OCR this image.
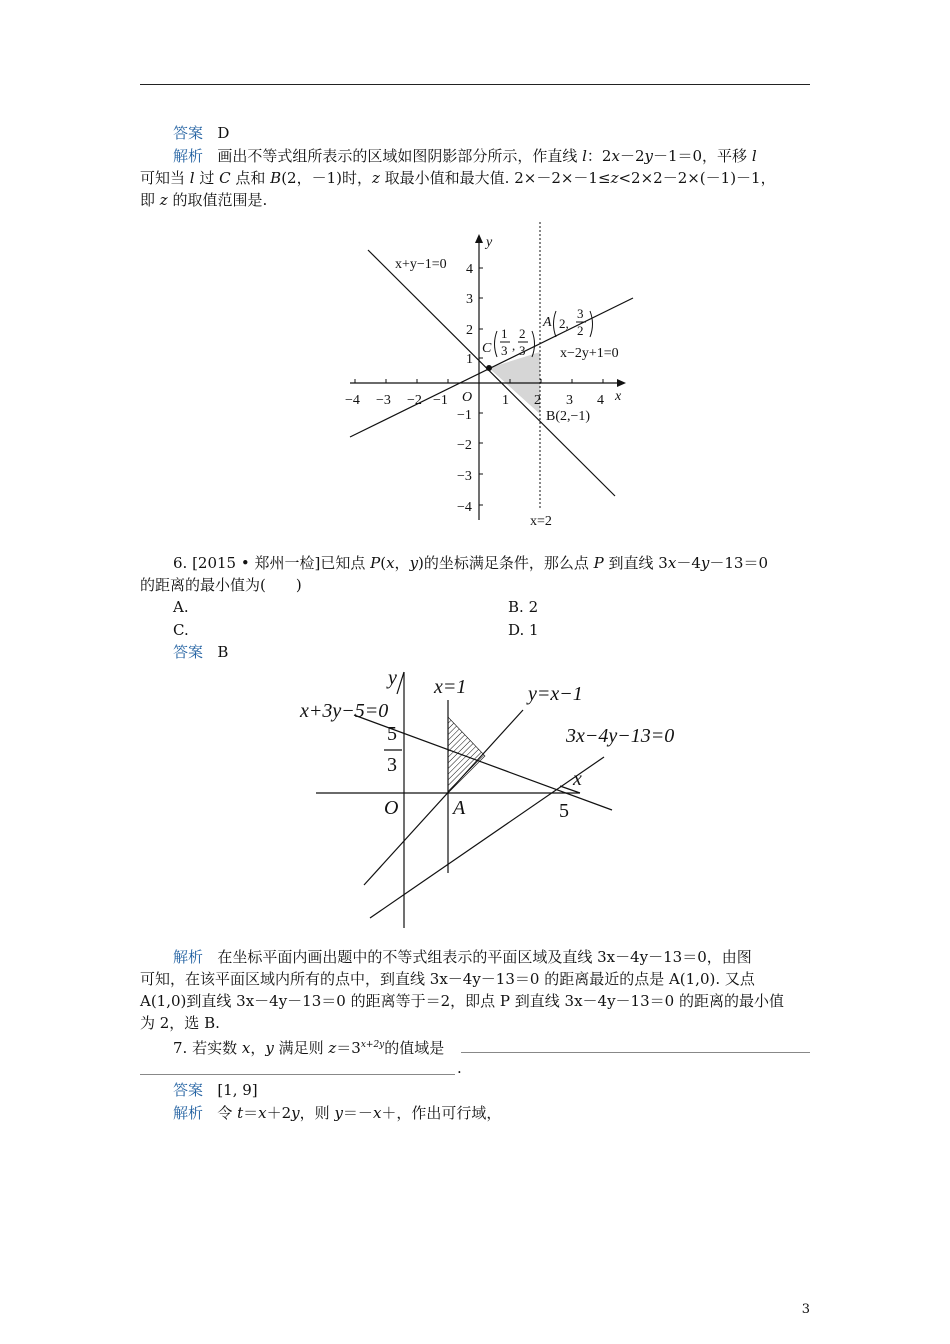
答案 D
解析 画出不等式组所表示的区域如图阴影部分所示，作直线 l：2x－2y－1＝0，平移 l
可知当 l 过 C 点和 B(2，－1)时，z 取最小值和最大值. 2×－2×－1≤z<2×2－2×(－1)－1，
即 z 的取值范围是.
−4 −3 −2 −1	1 2 3 4
4
3
2
1
−1
−2
−3
−4
x
y
O
x+y−1=0
x−2y+1=0
x=2
B(2,−1)
A
C
2,
3
2
1
3 ,
2
3
6. [2015 • 郑州一检]已知点 P(x，y)的坐标满足条件，那么点 P 到直线 3x－4y－13＝0
的距离的最小值为(　　)
A.	B. 2
C.	D. 1
答案 B
x=1	y=x−1
x+3y−5=0
3x−4y−13=0
5
3
x
y
O	A	5
解析 在坐标平面内画出题中的不等式组表示的平面区域及直线 3x－4y－13＝0，由图
可知，在该平面区域内所有的点中，到直线 3x－4y－13＝0 的距离最近的点是 A(1,0). 又点
A(1,0)到直线 3x－4y－13＝0 的距离等于＝2，即点 P 到直线 3x－4y－13＝0 的距离的最小值
为 2，选 B.
7. 若实数 x，y 满足则 $z=3^{x+2y}$的值域是
.
答案 [1, 9]
解析 令 t＝x＋2y，则 y＝－x＋，作出可行域，
3
